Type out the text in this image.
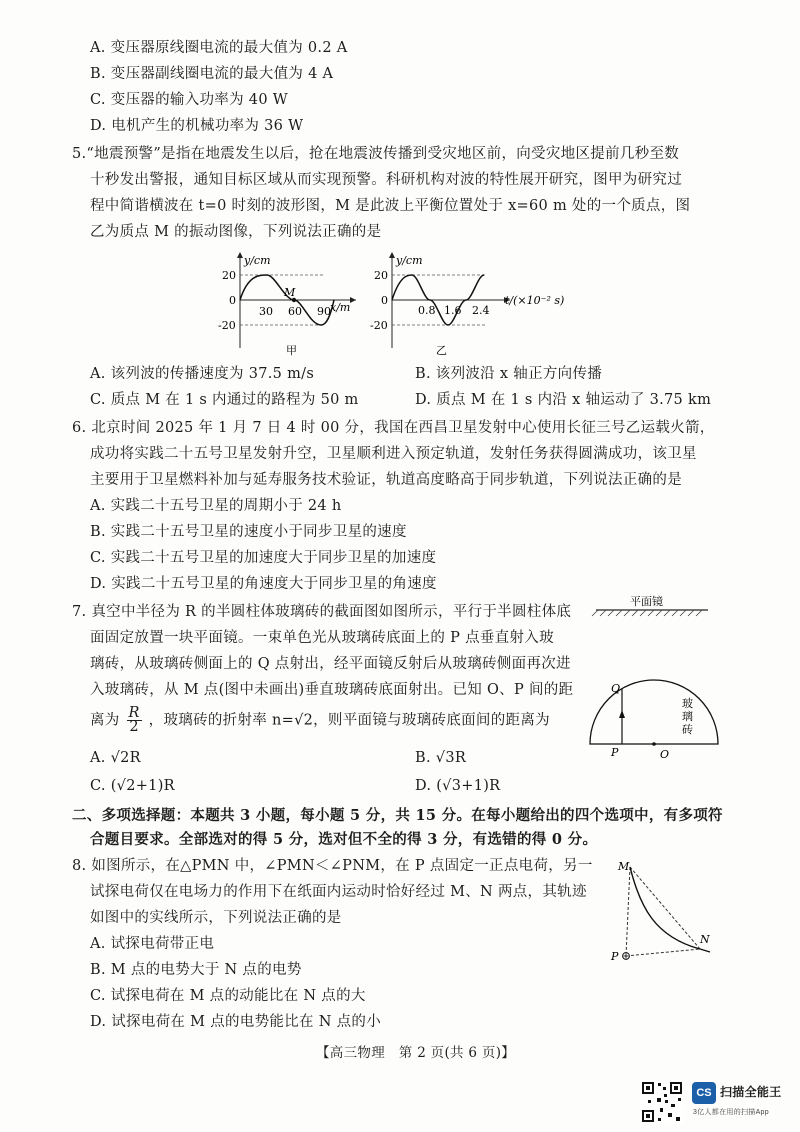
A. 变压器原线圈电流的最大值为 0.2 A
B. 变压器副线圈电流的最大值为 4 A
C. 变压器的输入功率为 40 W
D. 电机产生的机械功率为 36 W
5.“地震预警”是指在地震发生以后，抢在地震波传播到受灾地区前，向受灾地区提前几秒至数
十秒发出警报，通知目标区域从而实现预警。科研机构对波的特性展开研究，图甲为研究过
程中简谐横波在 t=0 时刻的波形图，M 是此波上平衡位置处于 x=60 m 处的一个质点，图
乙为质点 M 的振动图像，下列说法正确的是
y/cm
20
0
-20
30 60 90 x/m
M
甲
y/cm
20
0
-20
0.8 1.6 2.4
t/(×10⁻² s)
乙
A. 该列波的传播速度为 37.5 m/s	B. 该列波沿 x 轴正方向传播
C. 质点 M 在 1 s 内通过的路程为 50 m	D. 质点 M 在 1 s 内沿 x 轴运动了 3.75 km
6. 北京时间 2025 年 1 月 7 日 4 时 00 分，我国在西昌卫星发射中心使用长征三号乙运载火箭，
成功将实践二十五号卫星发射升空，卫星顺利进入预定轨道，发射任务获得圆满成功，该卫星
主要用于卫星燃料补加与延寿服务技术验证，轨道高度略高于同步轨道，下列说法正确的是
A. 实践二十五号卫星的周期小于 24 h
B. 实践二十五号卫星的速度小于同步卫星的速度
C. 实践二十五号卫星的加速度大于同步卫星的加速度
D. 实践二十五号卫星的角速度大于同步卫星的角速度
7. 真空中半径为 R 的半圆柱体玻璃砖的截面图如图所示，平行于半圆柱体底
面固定放置一块平面镜。一束单色光从玻璃砖底面上的 P 点垂直射入玻
璃砖，从玻璃砖侧面上的 Q 点射出，经平面镜反射后从玻璃砖侧面再次进
入玻璃砖，从 M 点(图中未画出)垂直玻璃砖底面射出。已知 O、P 间的距
离为 $\frac{R}{2}$ ，玻璃砖的折射率 n=√2，则平面镜与玻璃砖底面间的距离为
A. √2R	B. √3R
C. (√2+1)R	D. (√3+1)R
平面镜
Q
P	O
玻
璃
砖
二、多项选择题：本题共 3 小题，每小题 5 分，共 15 分。在每小题给出的四个选项中，有多项符
合题目要求。全部选对的得 5 分，选对但不全的得 3 分，有选错的得 0 分。
8. 如图所示，在△PMN 中，∠PMN＜∠PNM，在 P 点固定一正点电荷，另一
试探电荷仅在电场力的作用下在纸面内运动时恰好经过 M、N 两点，其轨迹
如图中的实线所示，下列说法正确的是
A. 试探电荷带正电
B. M 点的电势大于 N 点的电势
C. 试探电荷在 M 点的动能比在 N 点的大
D. 试探电荷在 M 点的电势能比在 N 点的小
M
N
P
【高三物理　第 2 页(共 6 页)】
CS 扫描全能王
3亿人都在用的扫描App
